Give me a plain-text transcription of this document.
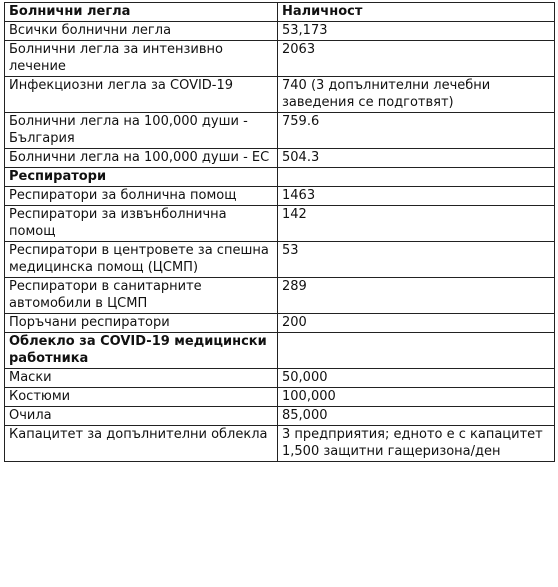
Болнични легла	Наличност
Всички болнични легла	53,173
Болнични легла за интензивно лечение	2063
Инфекциозни легла за COVID-19	740 (3 допълнителни лечебни заведения се подготвят)
Болнични легла на 100,000 души - България	759.6
Болнични легла на 100,000 души - ЕС	504.3
Респиратори	
Респиратори за болнична помощ	1463
Респиратори за извънболнична помощ	142
Респиратори в центровете за спешна медицинска помощ (ЦСМП)	53
Респиратори в санитарните автомобили в ЦСМП	289
Поръчани респиратори	200
Облекло за COVID-19 медицински работника	
Маски	50,000
Костюми	100,000
Очила	85,000
Капацитет за допълнителни облекла	3 предприятия; едното е с капацитет 1,500 защитни гащеризона/ден
